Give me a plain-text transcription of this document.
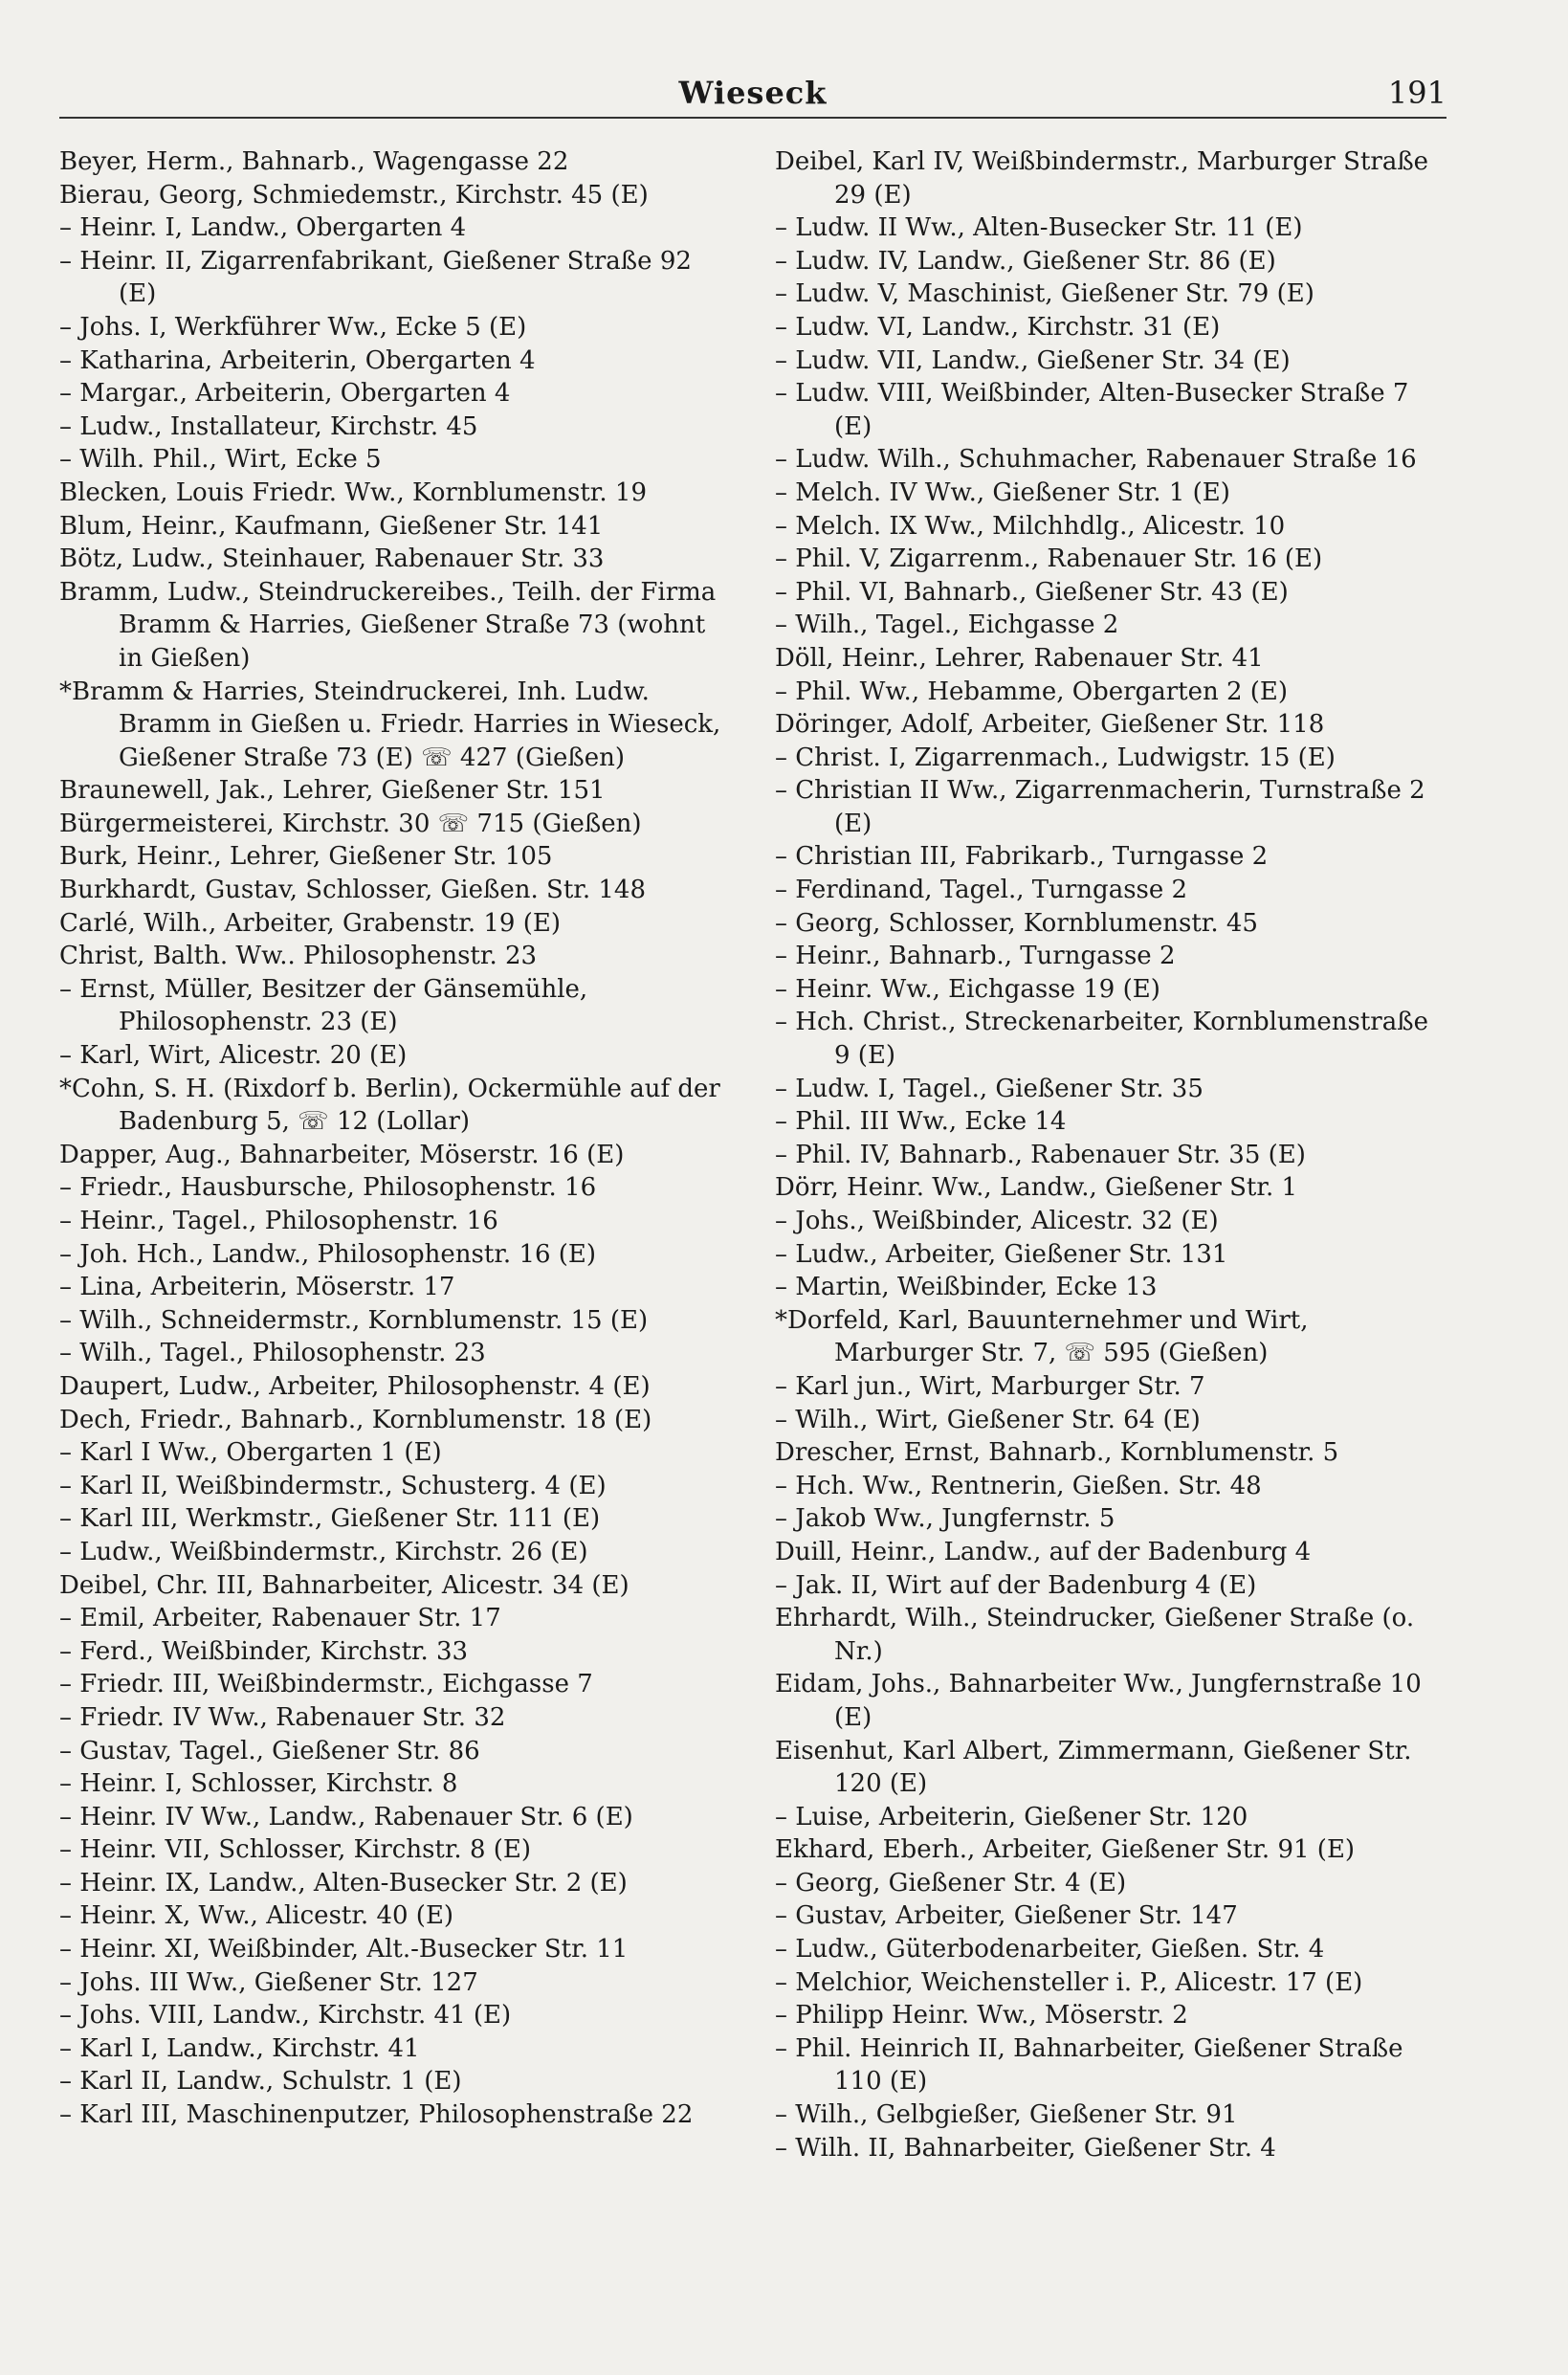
Wieseck	191

Beyer, Herm., Bahnarb., Wagengasse 22

Bierau, Georg, Schmiedemstr., Kirchstr. 45 (E)

– Heinr. I, Landw., Obergarten 4

– Heinr. II, Zigarrenfabrikant, Gießener Straße 92 (E)

– Johs. I, Werkführer Ww., Ecke 5 (E)

– Katharina, Arbeiterin, Obergarten 4

– Margar., Arbeiterin, Obergarten 4

– Ludw., Installateur, Kirchstr. 45

– Wilh. Phil., Wirt, Ecke 5

Blecken, Louis Friedr. Ww., Kornblumenstr. 19

Blum, Heinr., Kaufmann, Gießener Str. 141

Bötz, Ludw., Steinhauer, Rabenauer Str. 33

Bramm, Ludw., Steindruckereibes., Teilh. der Firma Bramm & Harries, Gießener Straße 73 (wohnt in Gießen)

*Bramm & Harries, Steindruckerei, Inh. Ludw. Bramm in Gießen u. Friedr. Harries in Wieseck, Gießener Straße 73 (E) ☏ 427 (Gießen)

Braunewell, Jak., Lehrer, Gießener Str. 151

Bürgermeisterei, Kirchstr. 30 ☏ 715 (Gießen)

Burk, Heinr., Lehrer, Gießener Str. 105

Burkhardt, Gustav, Schlosser, Gießen. Str. 148

Carlé, Wilh., Arbeiter, Grabenstr. 19 (E)

Christ, Balth. Ww.. Philosophenstr. 23

– Ernst, Müller, Besitzer der Gänsemühle, Philosophenstr. 23 (E)

– Karl, Wirt, Alicestr. 20 (E)

*Cohn, S. H. (Rixdorf b. Berlin), Ockermühle auf der Badenburg 5, ☏ 12 (Lollar)

Dapper, Aug., Bahnarbeiter, Möserstr. 16 (E)

– Friedr., Hausbursche, Philosophenstr. 16

– Heinr., Tagel., Philosophenstr. 16

– Joh. Hch., Landw., Philosophenstr. 16 (E)

– Lina, Arbeiterin, Möserstr. 17

– Wilh., Schneidermstr., Kornblumenstr. 15 (E)

– Wilh., Tagel., Philosophenstr. 23

Daupert, Ludw., Arbeiter, Philosophenstr. 4 (E)

Dech, Friedr., Bahnarb., Kornblumenstr. 18 (E)

– Karl I Ww., Obergarten 1 (E)

– Karl II, Weißbindermstr., Schusterg. 4 (E)

– Karl III, Werkmstr., Gießener Str. 111 (E)

– Ludw., Weißbindermstr., Kirchstr. 26 (E)

Deibel, Chr. III, Bahnarbeiter, Alicestr. 34 (E)

– Emil, Arbeiter, Rabenauer Str. 17

– Ferd., Weißbinder, Kirchstr. 33

– Friedr. III, Weißbindermstr., Eichgasse 7

– Friedr. IV Ww., Rabenauer Str. 32

– Gustav, Tagel., Gießener Str. 86

– Heinr. I, Schlosser, Kirchstr. 8

– Heinr. IV Ww., Landw., Rabenauer Str. 6 (E)

– Heinr. VII, Schlosser, Kirchstr. 8 (E)

– Heinr. IX, Landw., Alten-Busecker Str. 2 (E)

– Heinr. X, Ww., Alicestr. 40 (E)

– Heinr. XI, Weißbinder, Alt.-Busecker Str. 11

– Johs. III Ww., Gießener Str. 127

– Johs. VIII, Landw., Kirchstr. 41 (E)

– Karl I, Landw., Kirchstr. 41

– Karl II, Landw., Schulstr. 1 (E)

– Karl III, Maschinenputzer, Philosophenstraße 22

Deibel, Karl IV, Weißbindermstr., Marburger Straße 29 (E)

– Ludw. II Ww., Alten-Busecker Str. 11 (E)

– Ludw. IV, Landw., Gießener Str. 86 (E)

– Ludw. V, Maschinist, Gießener Str. 79 (E)

– Ludw. VI, Landw., Kirchstr. 31 (E)

– Ludw. VII, Landw., Gießener Str. 34 (E)

– Ludw. VIII, Weißbinder, Alten-Busecker Straße 7 (E)

– Ludw. Wilh., Schuhmacher, Rabenauer Straße 16

– Melch. IV Ww., Gießener Str. 1 (E)

– Melch. IX Ww., Milchhdlg., Alicestr. 10

– Phil. V, Zigarrenm., Rabenauer Str. 16 (E)

– Phil. VI, Bahnarb., Gießener Str. 43 (E)

– Wilh., Tagel., Eichgasse 2

Döll, Heinr., Lehrer, Rabenauer Str. 41

– Phil. Ww., Hebamme, Obergarten 2 (E)

Döringer, Adolf, Arbeiter, Gießener Str. 118

– Christ. I, Zigarrenmach., Ludwigstr. 15 (E)

– Christian II Ww., Zigarrenmacherin, Turnstraße 2 (E)

– Christian III, Fabrikarb., Turngasse 2

– Ferdinand, Tagel., Turngasse 2

– Georg, Schlosser, Kornblumenstr. 45

– Heinr., Bahnarb., Turngasse 2

– Heinr. Ww., Eichgasse 19 (E)

– Hch. Christ., Streckenarbeiter, Kornblumenstraße 9 (E)

– Ludw. I, Tagel., Gießener Str. 35

– Phil. III Ww., Ecke 14

– Phil. IV, Bahnarb., Rabenauer Str. 35 (E)

Dörr, Heinr. Ww., Landw., Gießener Str. 1

– Johs., Weißbinder, Alicestr. 32 (E)

– Ludw., Arbeiter, Gießener Str. 131

– Martin, Weißbinder, Ecke 13

*Dorfeld, Karl, Bauunternehmer und Wirt, Marburger Str. 7, ☏ 595 (Gießen)

– Karl jun., Wirt, Marburger Str. 7

– Wilh., Wirt, Gießener Str. 64 (E)

Drescher, Ernst, Bahnarb., Kornblumenstr. 5

– Hch. Ww., Rentnerin, Gießen. Str. 48

– Jakob Ww., Jungfernstr. 5

Duill, Heinr., Landw., auf der Badenburg 4

– Jak. II, Wirt auf der Badenburg 4 (E)

Ehrhardt, Wilh., Steindrucker, Gießener Straße (o. Nr.)

Eidam, Johs., Bahnarbeiter Ww., Jungfernstraße 10 (E)

Eisenhut, Karl Albert, Zimmermann, Gießener Str. 120 (E)

– Luise, Arbeiterin, Gießener Str. 120

Ekhard, Eberh., Arbeiter, Gießener Str. 91 (E)

– Georg, Gießener Str. 4 (E)

– Gustav, Arbeiter, Gießener Str. 147

– Ludw., Güterbodenarbeiter, Gießen. Str. 4

– Melchior, Weichensteller i. P., Alicestr. 17 (E)

– Philipp Heinr. Ww., Möserstr. 2

– Phil. Heinrich II, Bahnarbeiter, Gießener Straße 110 (E)

– Wilh., Gelbgießer, Gießener Str. 91

– Wilh. II, Bahnarbeiter, Gießener Str. 4
